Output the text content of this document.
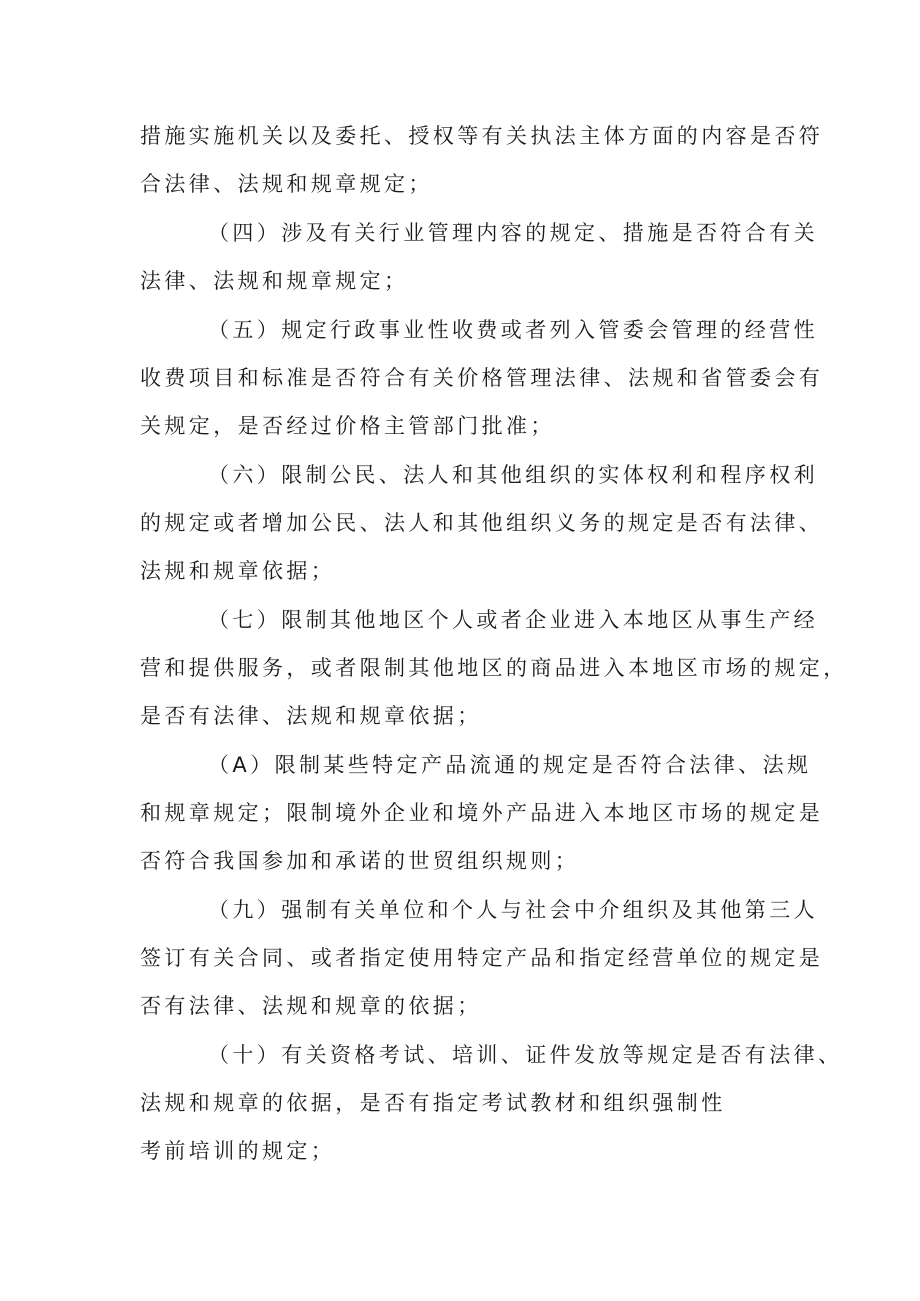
措施实施机关以及委托、授权等有关执法主体方面的内容是否符
合法律、法规和规章规定；
（四）涉及有关行业管理内容的规定、措施是否符合有关
法律、法规和规章规定；
（五）规定行政事业性收费或者列入管委会管理的经营性
收费项目和标准是否符合有关价格管理法律、法规和省管委会有
关规定，是否经过价格主管部门批准；
（六）限制公民、法人和其他组织的实体权利和程序权利
的规定或者增加公民、法人和其他组织义务的规定是否有法律、
法规和规章依据；
（七）限制其他地区个人或者企业进入本地区从事生产经
营和提供服务，或者限制其他地区的商品进入本地区市场的规定，
是否有法律、法规和规章依据；
（A）限制某些特定产品流通的规定是否符合法律、法规
和规章规定；限制境外企业和境外产品进入本地区市场的规定是
否符合我国参加和承诺的世贸组织规则；
（九）强制有关单位和个人与社会中介组织及其他第三人
签订有关合同、或者指定使用特定产品和指定经营单位的规定是
否有法律、法规和规章的依据；
（十）有关资格考试、培训、证件发放等规定是否有法律、
法规和规章的依据，是否有指定考试教材和组织强制性
考前培训的规定；
